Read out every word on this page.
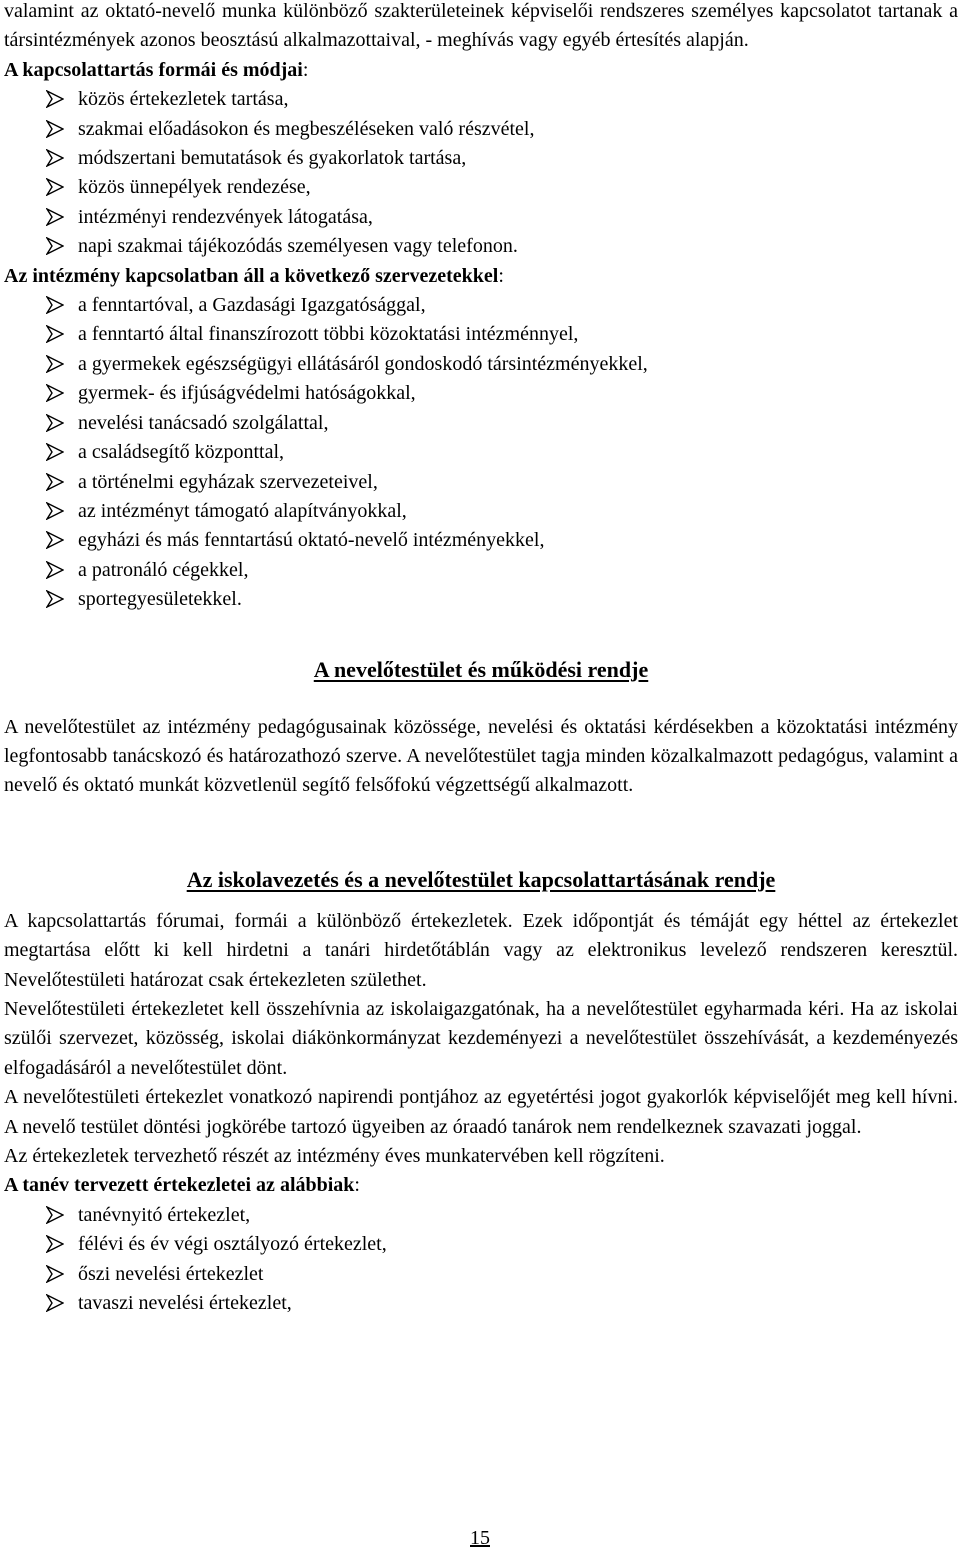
valamint az oktató-nevelő munka különböző szakterületeinek képviselői rendszeres személyes kapcsolatot tartanak a társintézmények azonos beosztású alkalmazottaival, - meghívás vagy egyéb értesítés alapján.

A kapcsolattartás formái és módjai:

közös értekezletek tartása,
szakmai előadásokon és megbeszéléseken való részvétel,
módszertani bemutatások és gyakorlatok tartása,
közös ünnepélyek rendezése,
intézményi rendezvények látogatása,
napi szakmai tájékozódás személyesen vagy telefonon.

Az intézmény kapcsolatban áll a következő szervezetekkel:

a fenntartóval, a Gazdasági Igazgatósággal,
a fenntartó által finanszírozott többi közoktatási intézménnyel,
a gyermekek egészségügyi ellátásáról gondoskodó társintézményekkel,
gyermek- és ifjúságvédelmi hatóságokkal,
nevelési tanácsadó szolgálattal,
a családsegítő központtal,
a történelmi egyházak szervezeteivel,
az intézményt támogató alapítványokkal,
egyházi és más fenntartású oktató-nevelő intézményekkel,
a patronáló cégekkel,
sportegyesületekkel.
A nevelőtestület és működési rendje

A nevelőtestület az intézmény pedagógusainak közössége, nevelési és oktatási kérdésekben a közoktatási intézmény legfontosabb tanácskozó és határozathozó szerve. A nevelőtestület tagja minden közalkalmazott pedagógus, valamint a nevelő és oktató munkát közvetlenül segítő felsőfokú végzettségű alkalmazott.

Az iskolavezetés és a nevelőtestület kapcsolattartásának rendje

A kapcsolattartás fórumai, formái a különböző értekezletek. Ezek időpontját és témáját egy héttel az értekezlet megtartása előtt ki kell hirdetni a tanári hirdetőtáblán vagy az elektronikus levelező rendszeren keresztül. Nevelőtestületi határozat csak értekezleten születhet.

Nevelőtestületi értekezletet kell összehívnia az iskolaigazgatónak, ha a nevelőtestület egyharmada kéri. Ha az iskolai szülői szervezet, közösség, iskolai diákönkormányzat kezdeményezi a nevelőtestület összehívását, a kezdeményezés elfogadásáról a nevelőtestület dönt.

A nevelőtestületi értekezlet vonatkozó napirendi pontjához az egyetértési jogot gyakorlók képviselőjét meg kell hívni. A nevelő testület döntési jogkörébe tartozó ügyeiben az óraadó tanárok nem rendelkeznek szavazati joggal.

Az értekezletek tervezhető részét az intézmény éves munkatervében kell rögzíteni.

A tanév tervezett értekezletei az alábbiak:

tanévnyitó értekezlet,
félévi és év végi osztályozó értekezlet,
őszi nevelési értekezlet
tavaszi nevelési értekezlet,
15
